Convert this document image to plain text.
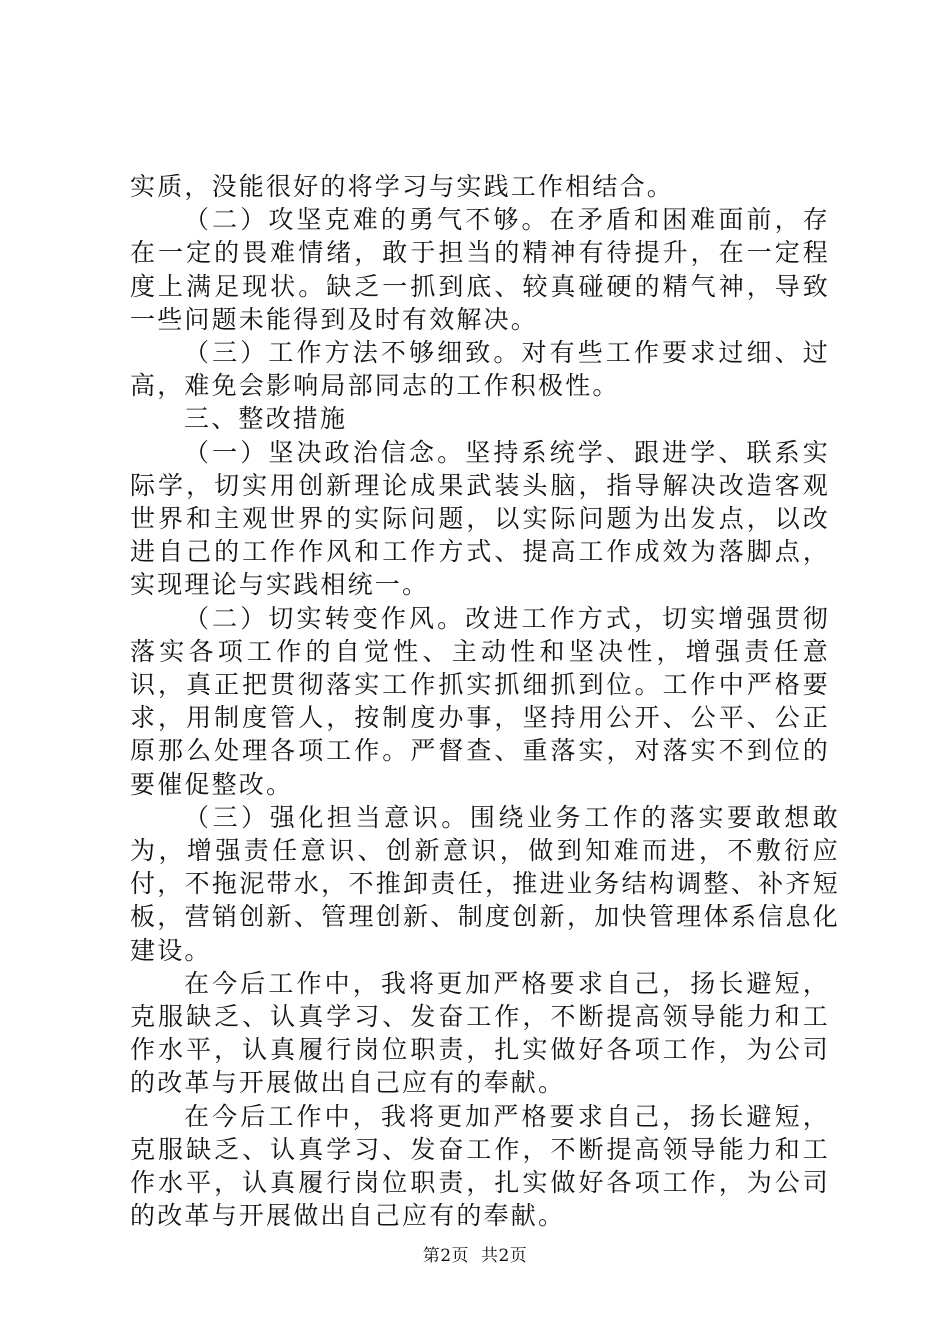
实质，没能很好的将学习与实践工作相结合。

（二）攻坚克难的勇气不够。在矛盾和困难面前，存在一定的畏难情绪，敢于担当的精神有待提升，在一定程度上满足现状。缺乏一抓到底、较真碰硬的精气神，导致一些问题未能得到及时有效解决。

（三）工作方法不够细致。对有些工作要求过细、过高，难免会影响局部同志的工作积极性。

三、整改措施

（一）坚决政治信念。坚持系统学、跟进学、联系实际学，切实用创新理论成果武装头脑，指导解决改造客观世界和主观世界的实际问题，以实际问题为出发点，以改进自己的工作作风和工作方式、提高工作成效为落脚点，实现理论与实践相统一。

（二）切实转变作风。改进工作方式，切实增强贯彻落实各项工作的自觉性、主动性和坚决性，增强责任意识，真正把贯彻落实工作抓实抓细抓到位。工作中严格要求，用制度管人，按制度办事，坚持用公开、公平、公正原那么处理各项工作。严督查、重落实，对落实不到位的要催促整改。

（三）强化担当意识。围绕业务工作的落实要敢想敢为，增强责任意识、创新意识，做到知难而进，不敷衍应付，不拖泥带水，不推卸责任，推进业务结构调整、补齐短板，营销创新、管理创新、制度创新，加快管理体系信息化建设。

在今后工作中，我将更加严格要求自己，扬长避短，克服缺乏、认真学习、发奋工作，不断提高领导能力和工作水平，认真履行岗位职责，扎实做好各项工作，为公司的改革与开展做出自己应有的奉献。

在今后工作中，我将更加严格要求自己，扬长避短，克服缺乏、认真学习、发奋工作，不断提高领导能力和工作水平，认真履行岗位职责，扎实做好各项工作，为公司的改革与开展做出自己应有的奉献。

第2页 共2页
